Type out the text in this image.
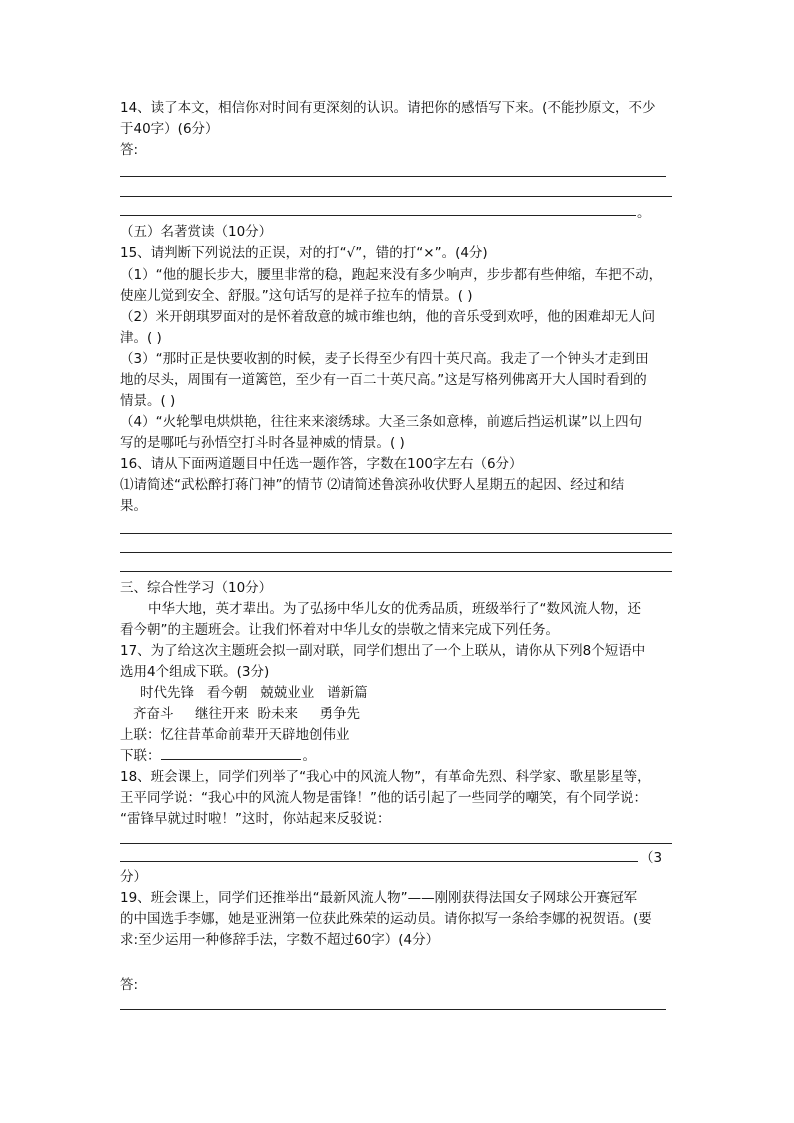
14、读了本文，相信你对时间有更深刻的认识。请把你的感悟写下来。(不能抄原文，不少
于40字）(6分）
答:
。
（五）名著赏读（10分）
15、请判断下列说法的正误，对的打“√”，错的打“×”。(4分)
（1）“他的腿长步大，腰里非常的稳，跑起来没有多少响声，步步都有些伸缩，车把不动，
使座儿觉到安全、舒服。”这句话写的是祥子拉车的情景。( )
（2）米开朗琪罗面对的是怀着敌意的城市维也纳，他的音乐受到欢呼，他的困难却无人问
津。( )
（3）“那时正是快要收割的时候，麦子长得至少有四十英尺高。我走了一个钟头才走到田
地的尽头，周围有一道篱笆，至少有一百二十英尺高。”这是写格列佛离开大人国时看到的
情景。( )
（4）“火轮掣电烘烘艳，往往来来滚绣球。大圣三条如意棒，前遮后挡运机谋”以上四句
写的是哪吒与孙悟空打斗时各显神威的情景。( )
16、请从下面两道题目中任选一题作答，字数在100字左右（6分）
⑴请简述“武松醉打蒋门神”的情节 ⑵请简述鲁滨孙收伏野人星期五的起因、经过和结
果。
三、综合性学习（10分）
中华大地，英才辈出。为了弘扬中华儿女的优秀品质，班级举行了“数风流人物，还
看今朝”的主题班会。让我们怀着对中华儿女的崇敬之情来完成下列任务。
17、为了给这次主题班会拟一副对联，同学们想出了一个上联从，请你从下列8个短语中
选用4个组成下联。(3分)
时代先锋   看今朝   兢兢业业   谱新篇
齐奋斗     继往开来  盼未来     勇争先
上联：忆往昔革命前辈开天辟地创伟业
下联：	。
18、班会课上，同学们列举了“我心中的风流人物”，有革命先烈、科学家、歌星影星等，
王平同学说：“我心中的风流人物是雷锋！”他的话引起了一些同学的嘲笑，有个同学说：
“雷锋早就过时啦！”这时，你站起来反驳说：
（3
分）
19、班会课上，同学们还推举出“最新风流人物”——刚刚获得法国女子网球公开赛冠军
的中国选手李娜，她是亚洲第一位获此殊荣的运动员。请你拟写一条给李娜的祝贺语。(要
求:至少运用一种修辞手法，字数不超过60字）(4分）
答:
